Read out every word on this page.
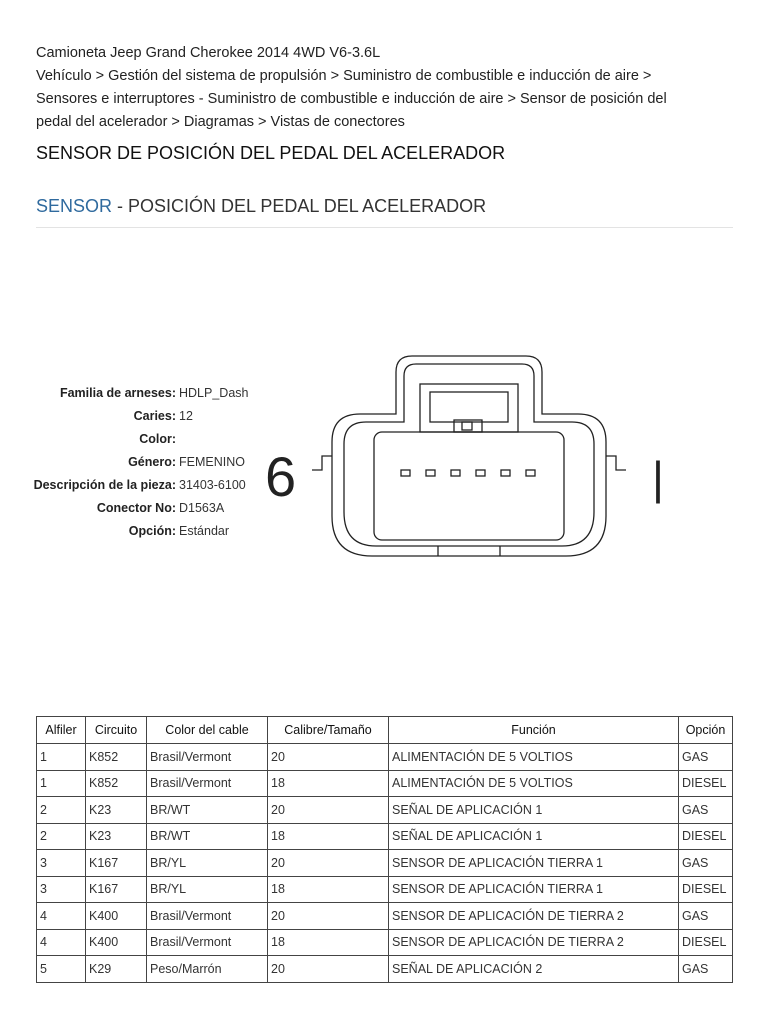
Camioneta Jeep Grand Cherokee 2014 4WD V6-3.6L
Vehículo > Gestión del sistema de propulsión > Suministro de combustible e inducción de aire >
Sensores e interruptores - Suministro de combustible e inducción de aire > Sensor de posición del
pedal del acelerador > Diagramas > Vistas de conectores
SENSOR DE POSICIÓN DEL PEDAL DEL ACELERADOR
SENSOR - POSICIÓN DEL PEDAL DEL ACELERADOR
Familia de arneses: HDLP_Dash
Caries: 12
Color:
Género: FEMENINO
Descripción de la pieza: 31403-6100
Conector No: D1563A
Opción: Estándar
6	|
Alfiler	Circuito	Color del cable	Calibre/Tamaño	Función	Opción
1	K852	Brasil/Vermont	20	ALIMENTACIÓN DE 5 VOLTIOS	GAS
1	K852	Brasil/Vermont	18	ALIMENTACIÓN DE 5 VOLTIOS	DIESEL
2	K23	BR/WT	20	SEÑAL DE APLICACIÓN 1	GAS
2	K23	BR/WT	18	SEÑAL DE APLICACIÓN 1	DIESEL
3	K167	BR/YL	20	SENSOR DE APLICACIÓN TIERRA 1	GAS
3	K167	BR/YL	18	SENSOR DE APLICACIÓN TIERRA 1	DIESEL
4	K400	Brasil/Vermont	20	SENSOR DE APLICACIÓN DE TIERRA 2	GAS
4	K400	Brasil/Vermont	18	SENSOR DE APLICACIÓN DE TIERRA 2	DIESEL
5	K29	Peso/Marrón	20	SEÑAL DE APLICACIÓN 2	GAS
